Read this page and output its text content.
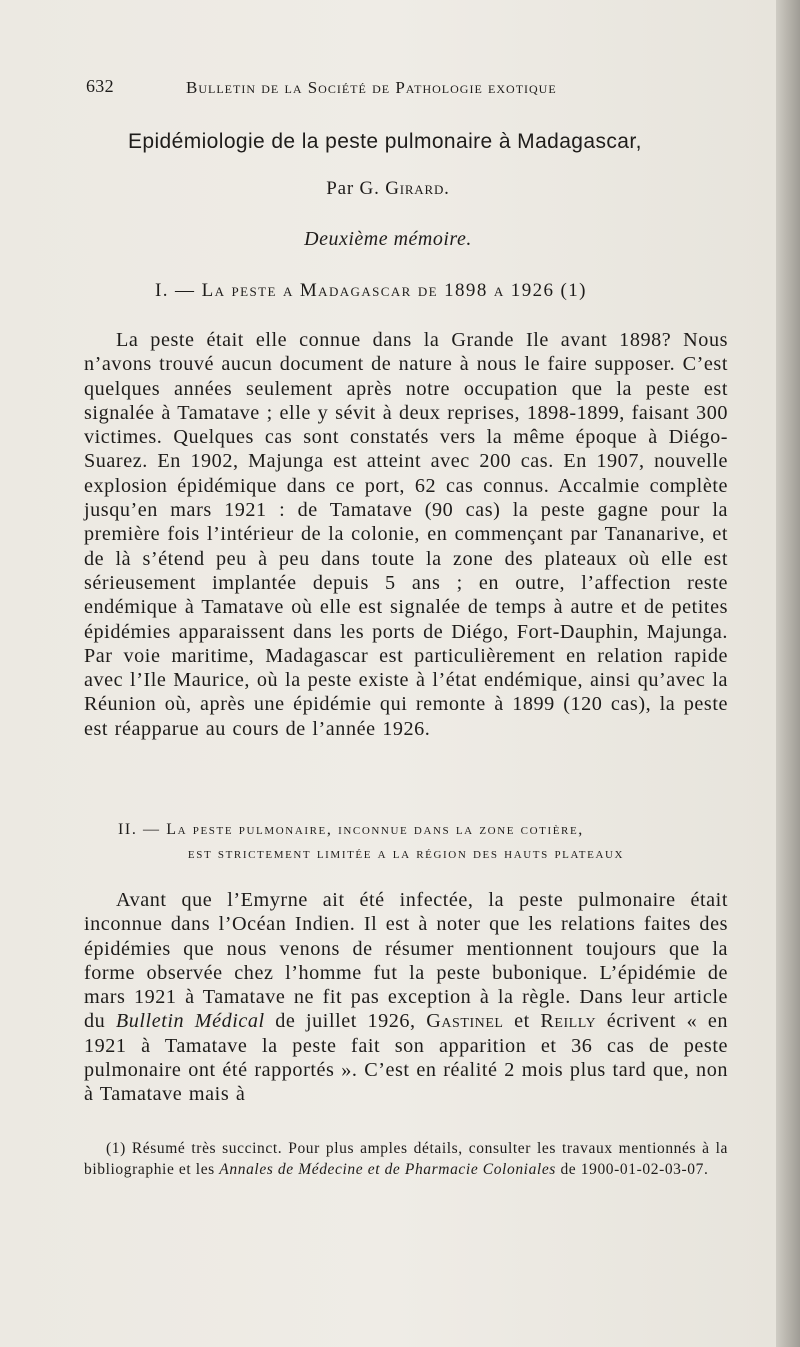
632	Bulletin de la Société de Pathologie exotique
Epidémiologie de la peste pulmonaire à Madagascar,
Par G. Girard.
Deuxième mémoire.
I. — La peste a Madagascar de 1898 a 1926 (1)
La peste était elle connue dans la Grande Ile avant 1898? Nous n’avons trouvé aucun document de nature à nous le faire supposer. C’est quelques années seulement après notre occupation que la peste est signalée à Tamatave ; elle y sévit à deux reprises, 1898-1899, faisant 300 victimes. Quelques cas sont constatés vers la même époque à Diégo-Suarez. En 1902, Majunga est atteint avec 200 cas. En 1907, nouvelle explosion épidémique dans ce port, 62 cas connus. Accalmie complète jusqu’en mars 1921 : de Tamatave (90 cas) la peste gagne pour la première fois l’intérieur de la colonie, en commençant par Tananarive, et de là s’étend peu à peu dans toute la zone des plateaux où elle est sérieusement implantée depuis 5 ans ; en outre, l’affection reste endémique à Tamatave où elle est signalée de temps à autre et de petites épidémies apparaissent dans les ports de Diégo, Fort-Dauphin, Majunga. Par voie maritime, Madagascar est particulièrement en relation rapide avec l’Ile Maurice, où la peste existe à l’état endémique, ainsi qu’avec la Réunion où, après une épidémie qui remonte à 1899 (120 cas), la peste est réapparue au cours de l’année 1926.
II. — La peste pulmonaire, inconnue dans la zone cotière,
est strictement limitée a la région des hauts plateaux
Avant que l’Emyrne ait été infectée, la peste pulmonaire était inconnue dans l’Océan Indien. Il est à noter que les relations faites des épidémies que nous venons de résumer mentionnent toujours que la forme observée chez l’homme fut la peste bubonique. L’épidémie de mars 1921 à Tamatave ne fit pas exception à la règle. Dans leur article du Bulletin Médical de juillet 1926, Gastinel et Reilly écrivent « en 1921 à Tamatave la peste fait son apparition et 36 cas de peste pulmonaire ont été rapportés ». C’est en réalité 2 mois plus tard que, non à Tamatave mais à
(1) Résumé très succinct. Pour plus amples détails, consulter les travaux mentionnés à la bibliographie et les Annales de Médecine et de Pharmacie Coloniales de 1900-01-02-03-07.
